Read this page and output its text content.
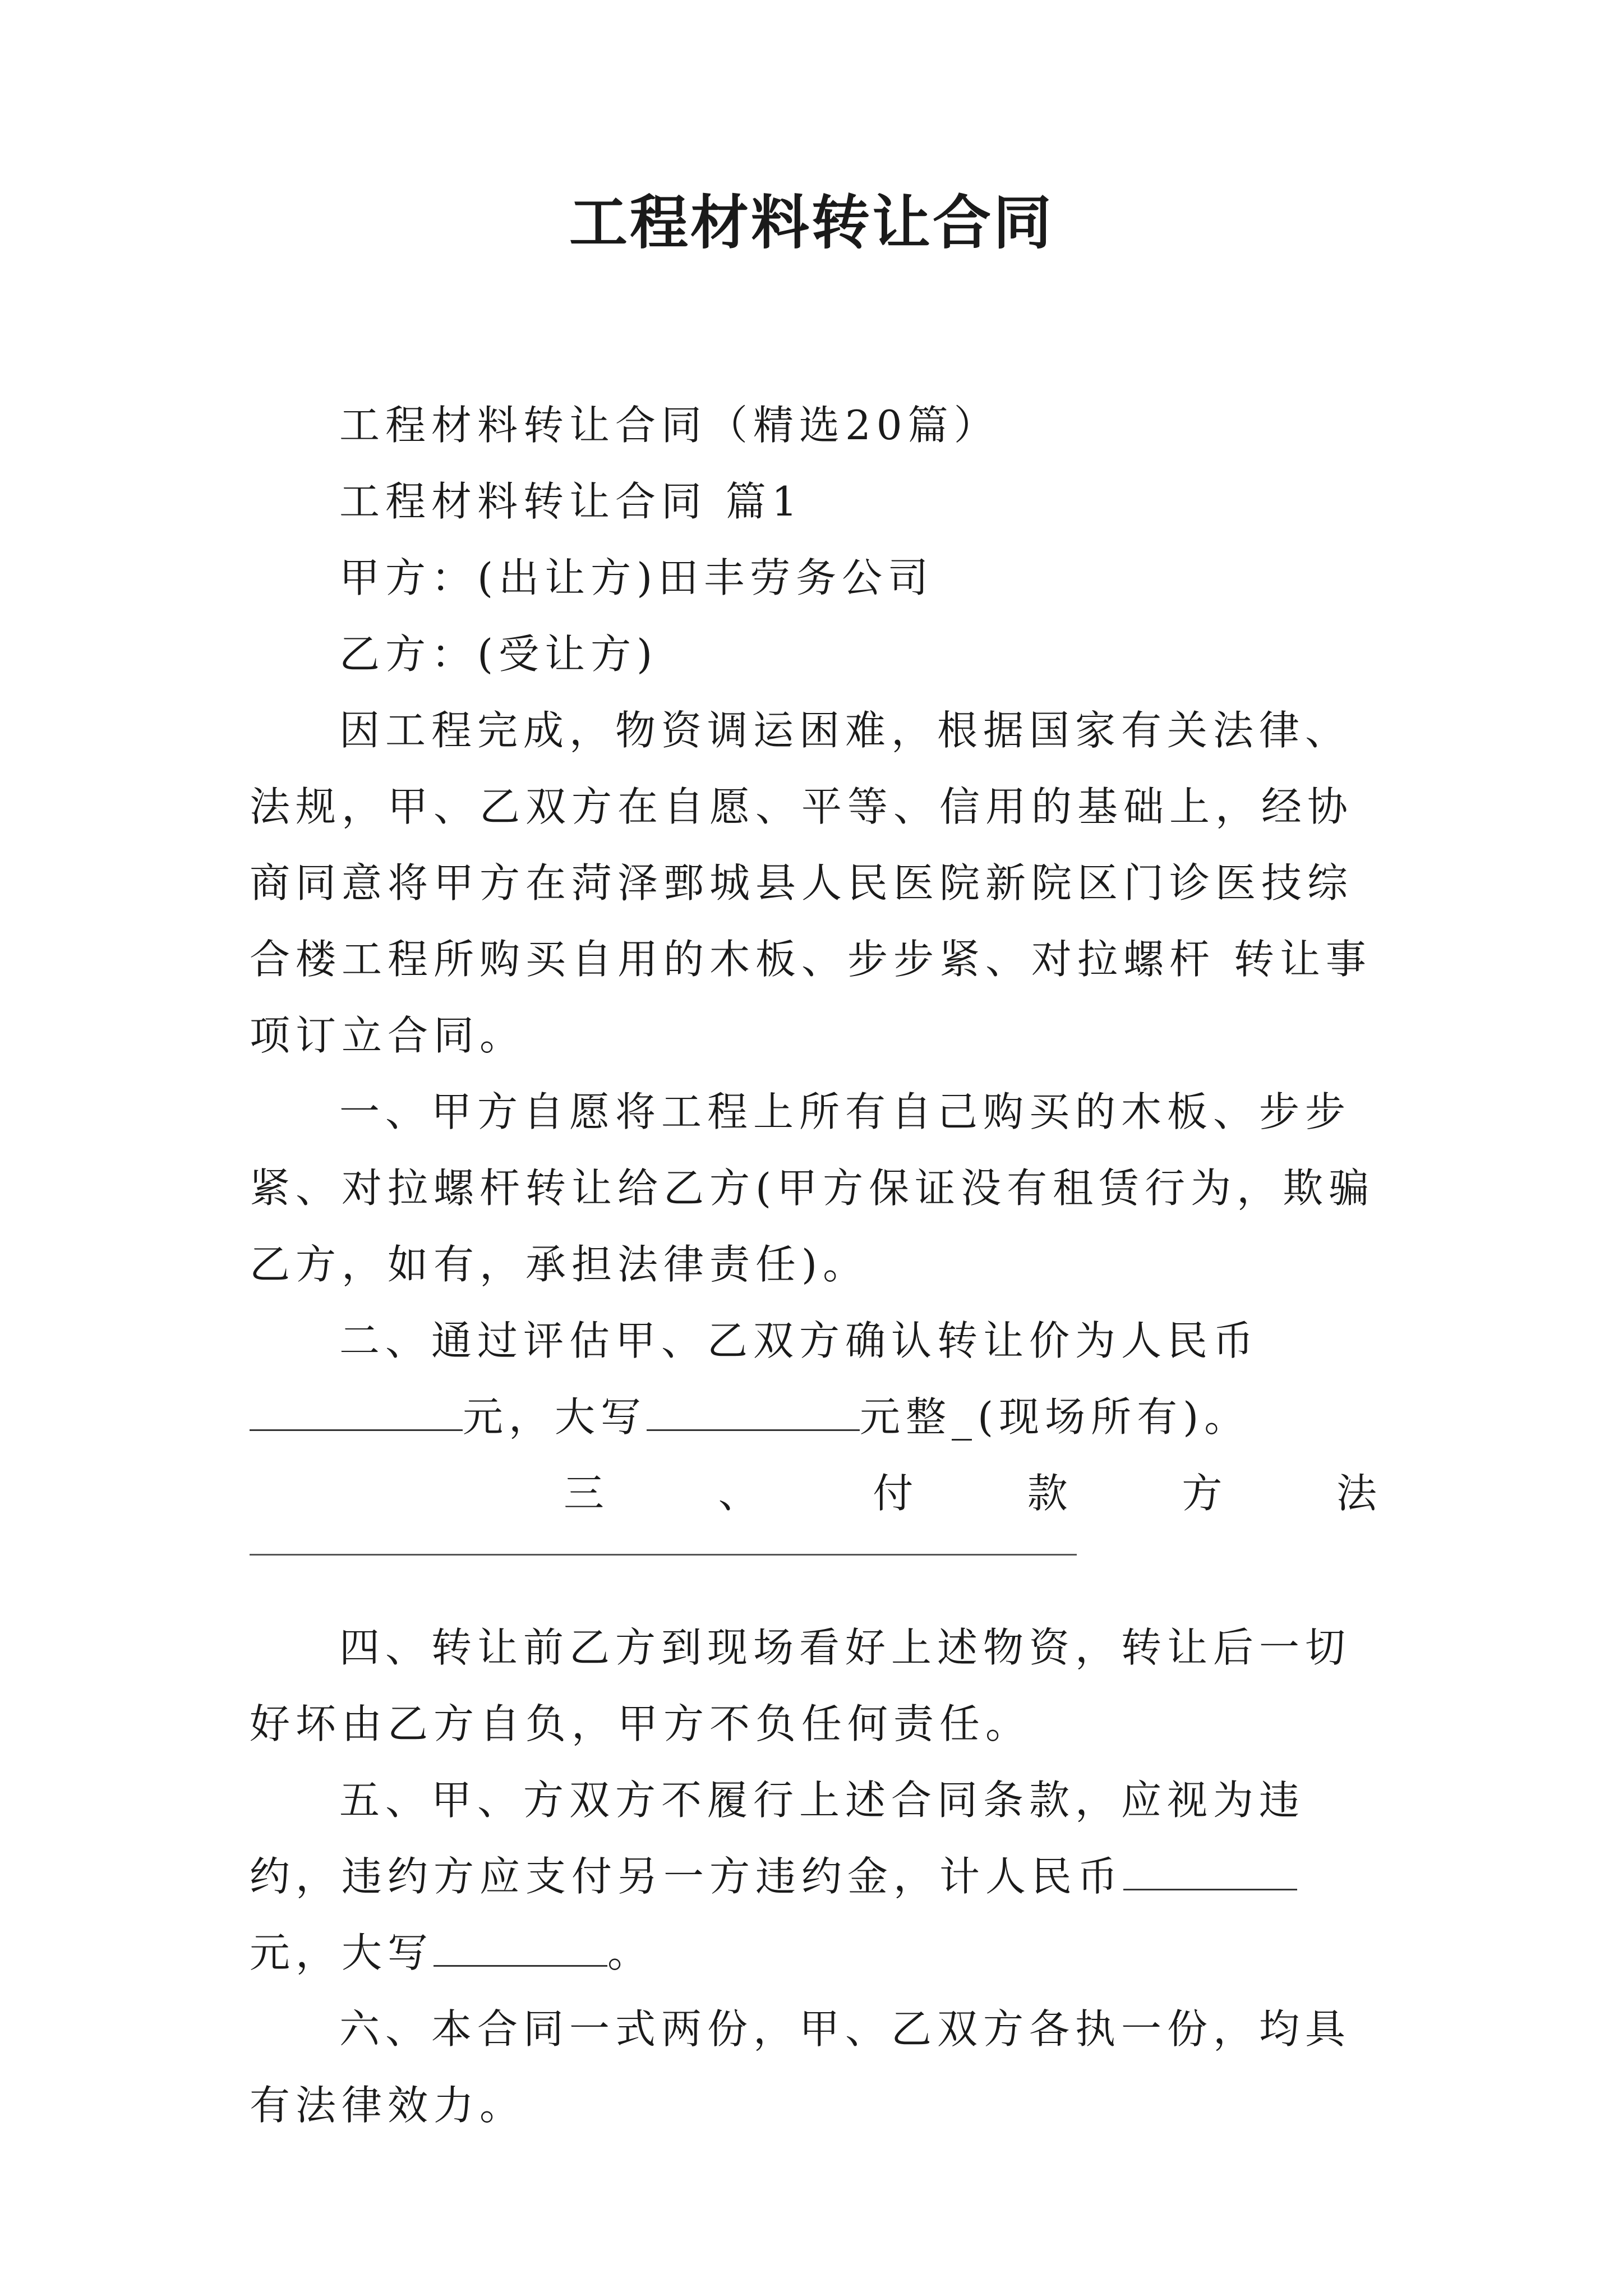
工程材料转让合同

工程材料转让合同（精选20篇）

工程材料转让合同 篇1

甲方：(出让方)田丰劳务公司

乙方：(受让方)

因工程完成，物资调运困难，根据国家有关法律、法规，甲、乙双方在自愿、平等、信用的基础上，经协商同意将甲方在菏泽鄄城县人民医院新院区门诊医技综合楼工程所购买自用的木板、步步紧、对拉螺杆 转让事项订立合同。

一、甲方自愿将工程上所有自己购买的木板、步步紧、对拉螺杆转让给乙方(甲方保证没有租赁行为，欺骗乙方，如有，承担法律责任)。

二、通过评估甲、乙双方确认转让价为人民币元，大写	元整_(现场所有)。

三	、	付	款	方	法

四、转让前乙方到现场看好上述物资，转让后一切好坏由乙方自负，甲方不负任何责任。

五、甲、方双方不履行上述合同条款，应视为违约，违约方应支付另一方违约金，计人民币元，大写	。

六、本合同一式两份，甲、乙双方各执一份，均具有法律效力。
